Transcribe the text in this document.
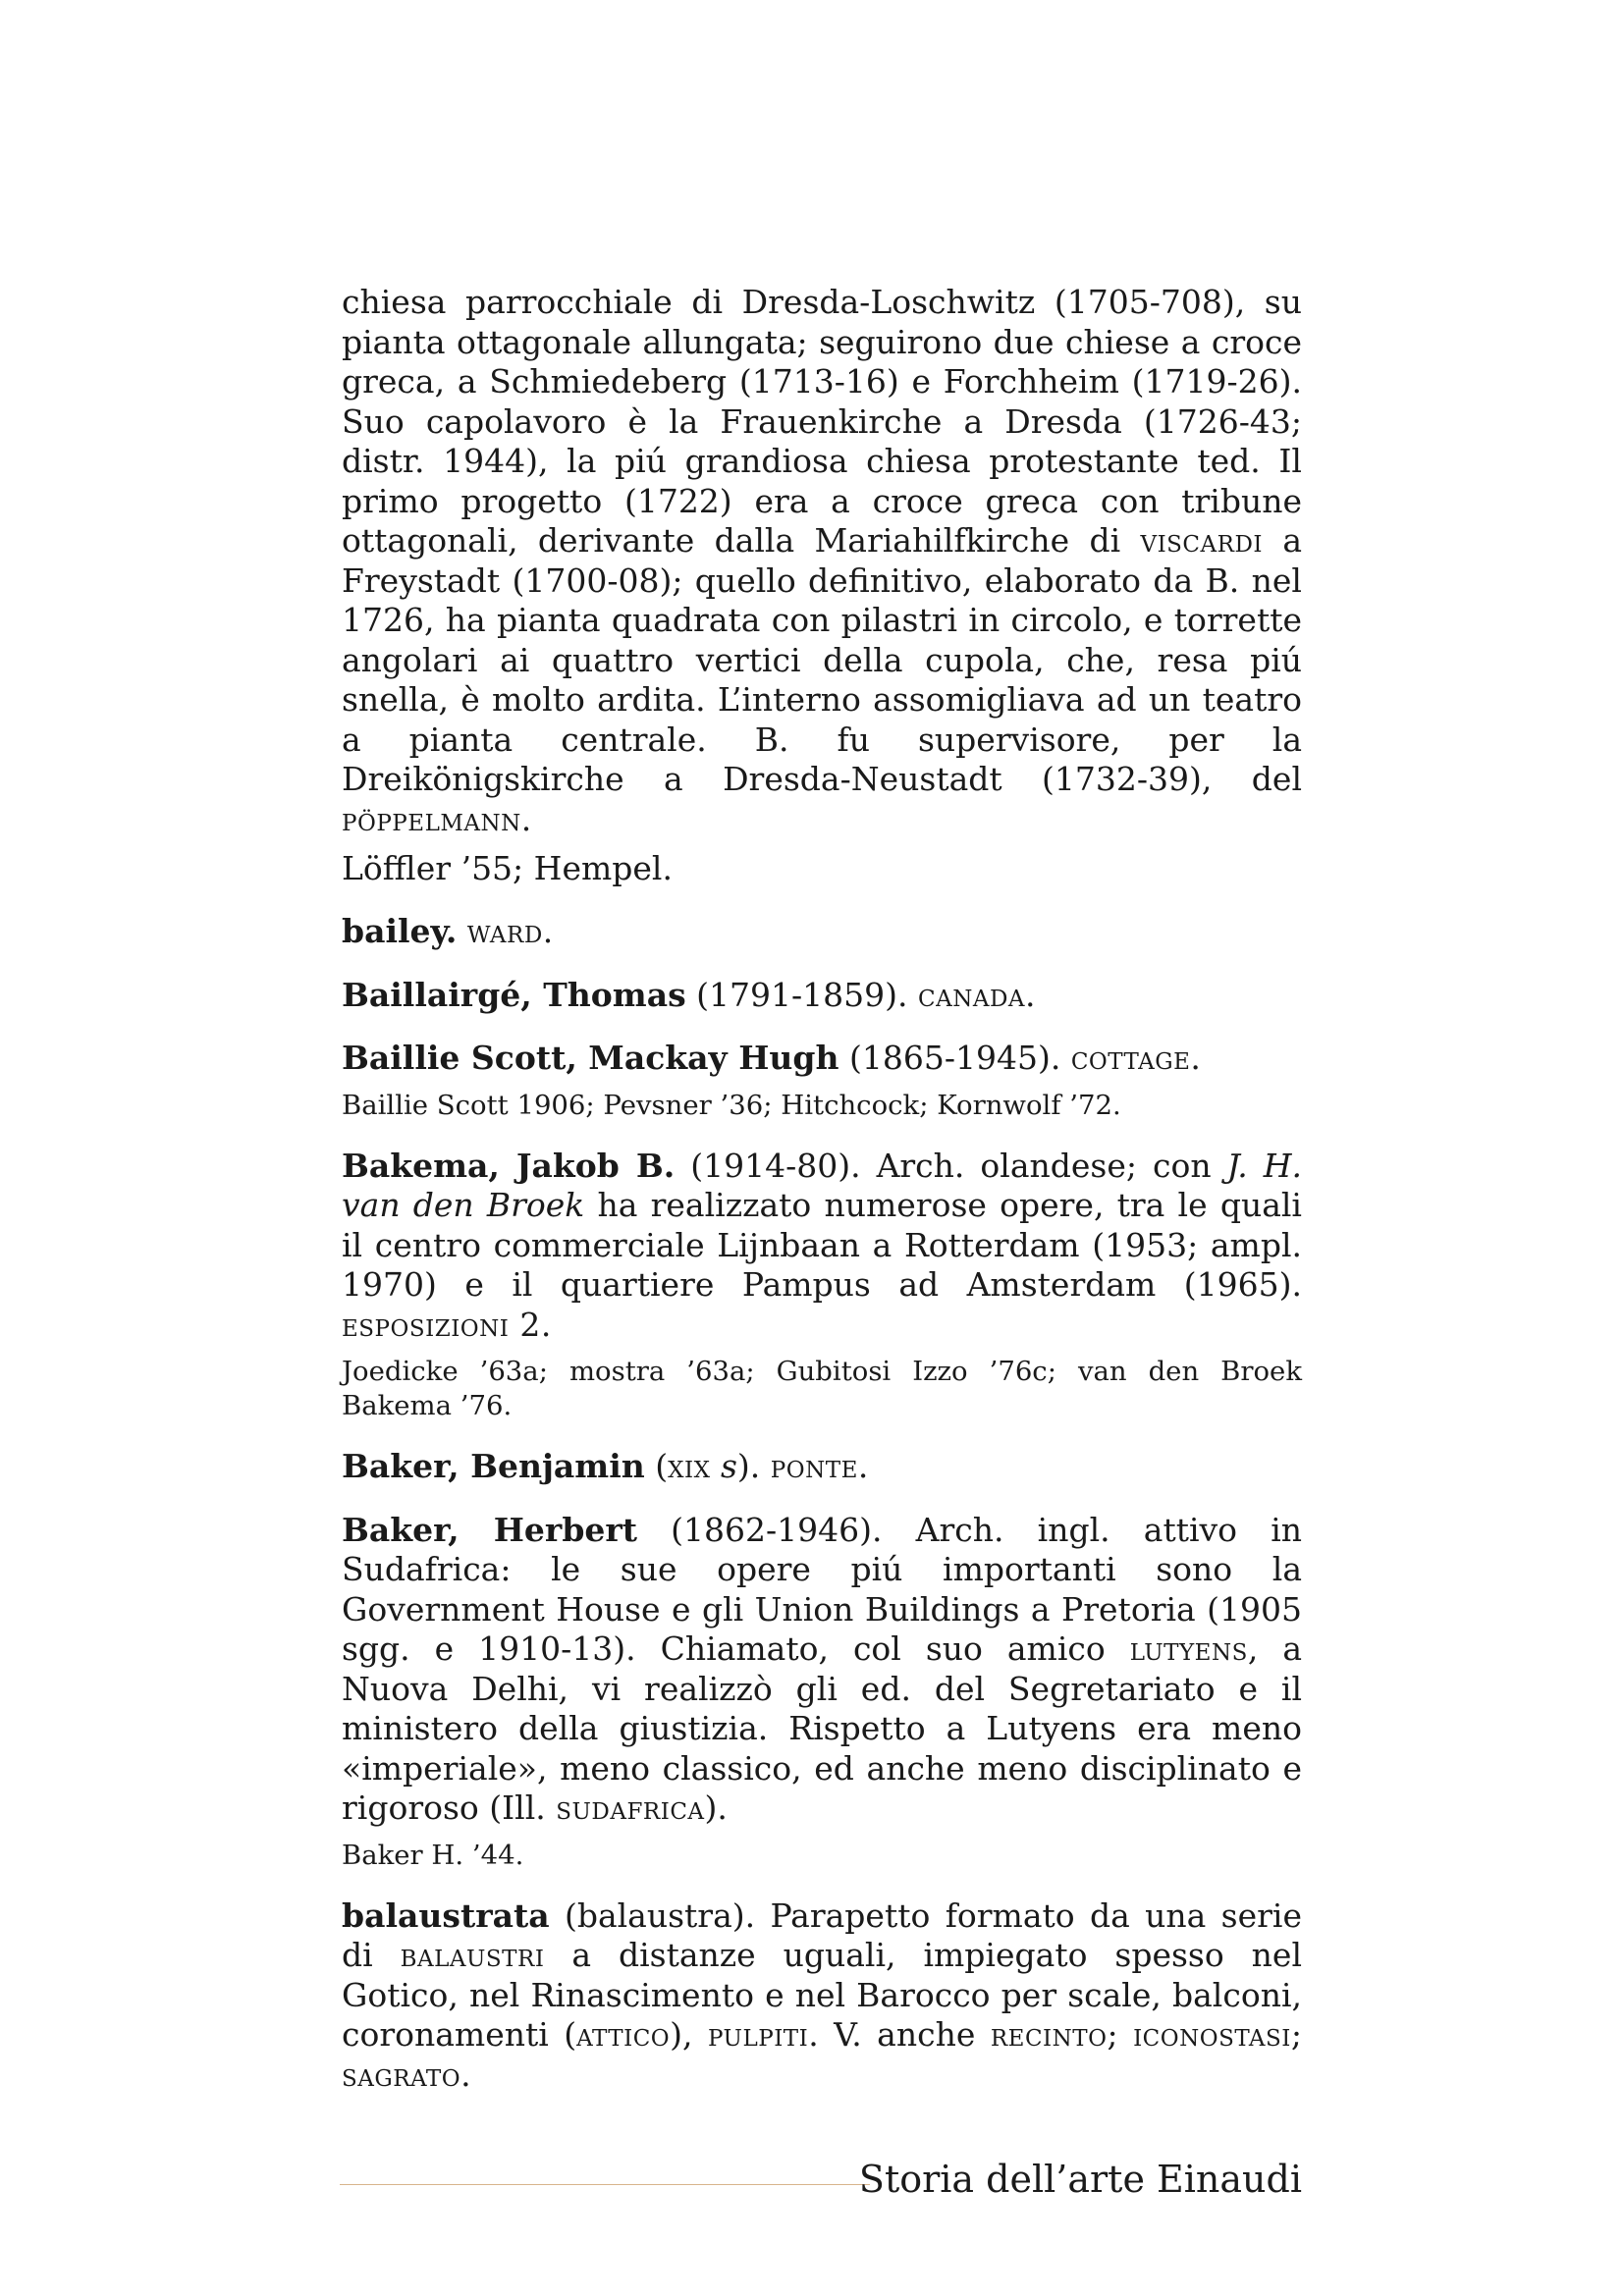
chiesa parrocchiale di Dresda-Loschwitz (1705-708), su pianta ottagonale allungata; seguirono due chiese a croce greca, a Schmiedeberg (1713-16) e Forchheim (1719-26). Suo capolavoro è la Frauenkirche a Dresda (1726-43; distr. 1944), la piú grandiosa chiesa protestante ted. Il primo progetto (1722) era a croce greca con tribune ottagonali, derivante dalla Mariahilfkirche di viscardi a Freystadt (1700-08); quello definitivo, elaborato da B. nel 1726, ha pianta quadrata con pilastri in circolo, e torrette angolari ai quattro vertici della cupola, che, resa piú snella, è molto ardita. L’interno assomigliava ad un teatro a pianta centrale. B. fu supervisore, per la Dreikönigskirche a Dresda-Neustadt (1732-39), del pöppelmann.

Löffler ’55; Hempel.

bailey. ward.

Baillairgé, Thomas (1791-1859). canada.

Baillie Scott, Mackay Hugh (1865-1945). cottage.

Baillie Scott 1906; Pevsner ’36; Hitchcock; Kornwolf ’72.

Bakema, Jakob B. (1914-80). Arch. olandese; con J. H. van den Broek ha realizzato numerose opere, tra le quali il centro commerciale Lijnbaan a Rotterdam (1953; ampl. 1970) e il quartiere Pampus ad Amsterdam (1965). esposizioni 2.

Joedicke ’63a; mostra ’63a; Gubitosi Izzo ’76c; van den Broek Bakema ’76.

Baker, Benjamin (xix s). ponte.

Baker, Herbert (1862-1946). Arch. ingl. attivo in Sudafrica: le sue opere piú importanti sono la Government House e gli Union Buildings a Pretoria (1905 sgg. e 1910-13). Chiamato, col suo amico lutyens, a Nuova Delhi, vi realizzò gli ed. del Segretariato e il ministero della giustizia. Rispetto a Lutyens era meno «imperiale», meno classico, ed anche meno disciplinato e rigoroso (Ill. sudafrica).

Baker H. ’44.

balaustrata (balaustra). Parapetto formato da una serie di balaustri a distanze uguali, impiegato spesso nel Gotico, nel Rinascimento e nel Barocco per scale, balconi, coronamenti (attico), pulpiti. V. anche recinto; iconostasi; sagrato.

Storia dell’arte Einaudi
